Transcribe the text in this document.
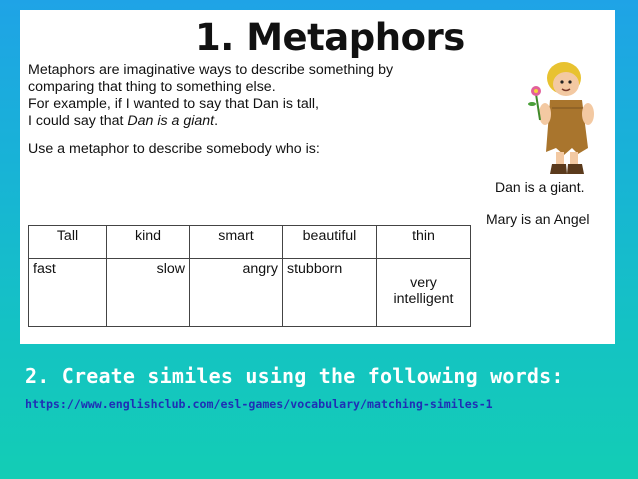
1. Metaphors

Metaphors are imaginative ways to describe something by

comparing that thing to something else.

For example, if I wanted to say that Dan is tall,

I could say that Dan is a giant.

Use a metaphor to describe somebody who is:

Dan is a giant.
Mary is an Angel
Tall	kind	smart	beautiful	thin
fast	slow	angry	stubborn	very
intelligent
2. Create similes using the following words:
https://www.englishclub.com/esl-games/vocabulary/matching-similes-1
